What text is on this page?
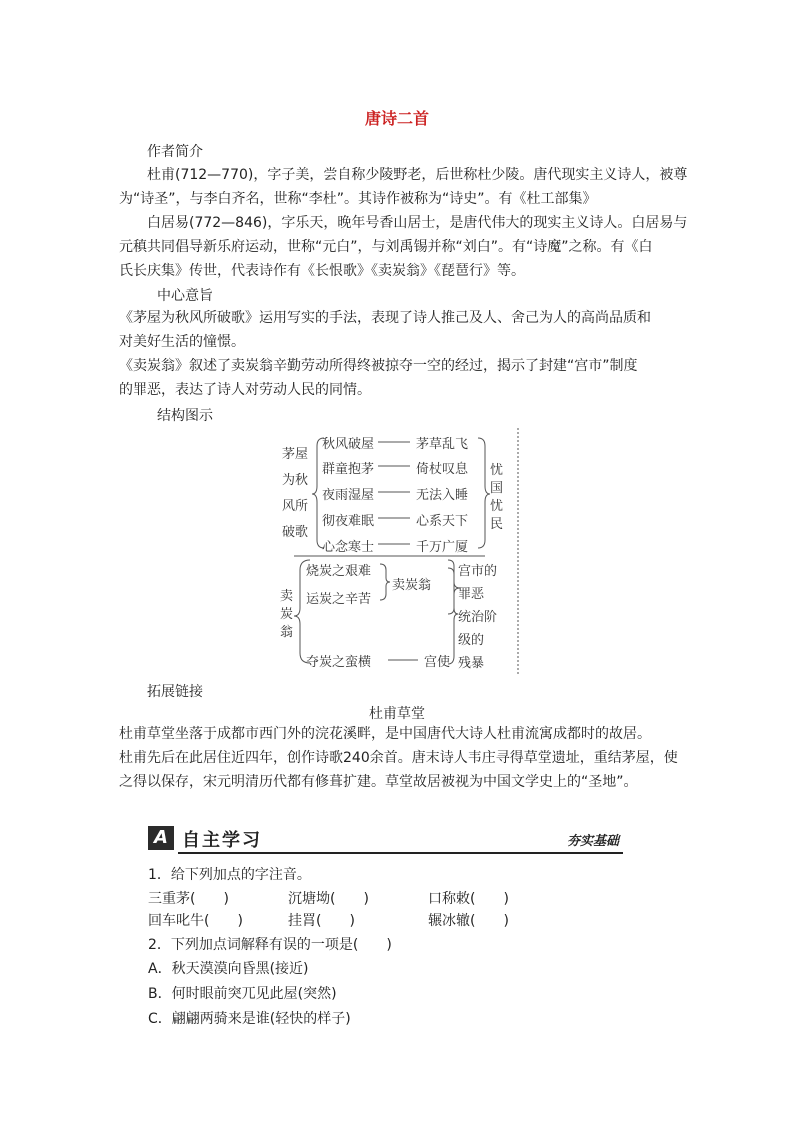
唐诗二首
作者简介
杜甫(712—770)，字子美，尝自称少陵野老，后世称杜少陵。唐代现实主义诗人，被尊
为“诗圣”，与李白齐名，世称“李杜”。其诗作被称为“诗史”。有《杜工部集》
白居易(772—846)，字乐天，晚年号香山居士，是唐代伟大的现实主义诗人。白居易与
元稹共同倡导新乐府运动，世称“元白”，与刘禹锡并称“刘白”。有“诗魔”之称。有《白
氏长庆集》传世，代表诗作有《长恨歌》《卖炭翁》《琵琶行》等。
中心意旨
《茅屋为秋风所破歌》运用写实的手法，表现了诗人推己及人、舍己为人的高尚品质和
对美好生活的憧憬。
《卖炭翁》叙述了卖炭翁辛勤劳动所得终被掠夺一空的经过，揭示了封建“宫市”制度
的罪恶，表达了诗人对劳动人民的同情。
结构图示
茅屋
为秋
风所
破歌
秋风破屋	茅草乱飞
群童抱茅	倚杖叹息
夜雨湿屋	无法入睡
彻夜难眠	心系天下
心念寒士	千万广厦
忧
国
忧
民
卖
炭
翁
烧炭之艰难
运炭之辛苦
卖炭翁
夺炭之蛮横	宫使
宫市的
罪恶
统治阶
级的
残暴
拓展链接
杜甫草堂
杜甫草堂坐落于成都市西门外的浣花溪畔，是中国唐代大诗人杜甫流寓成都时的故居。
杜甫先后在此居住近四年，创作诗歌240余首。唐末诗人韦庄寻得草堂遗址，重结茅屋，使
之得以保存，宋元明清历代都有修葺扩建。草堂故居被视为中国文学史上的“圣地”。
A 自主学习	夯实基础
1．给下列加点的字注音。
三重茅(　　)	沉塘坳(　　)	口称敕(　　)
回车叱牛(　　)	挂罥(　　)	辗冰辙(　　)
2．下列加点词解释有误的一项是(　　)
A．秋天漠漠向昏黑(接近)
B．何时眼前突兀见此屋(突然)
C．翩翩两骑来是谁(轻快的样子)
